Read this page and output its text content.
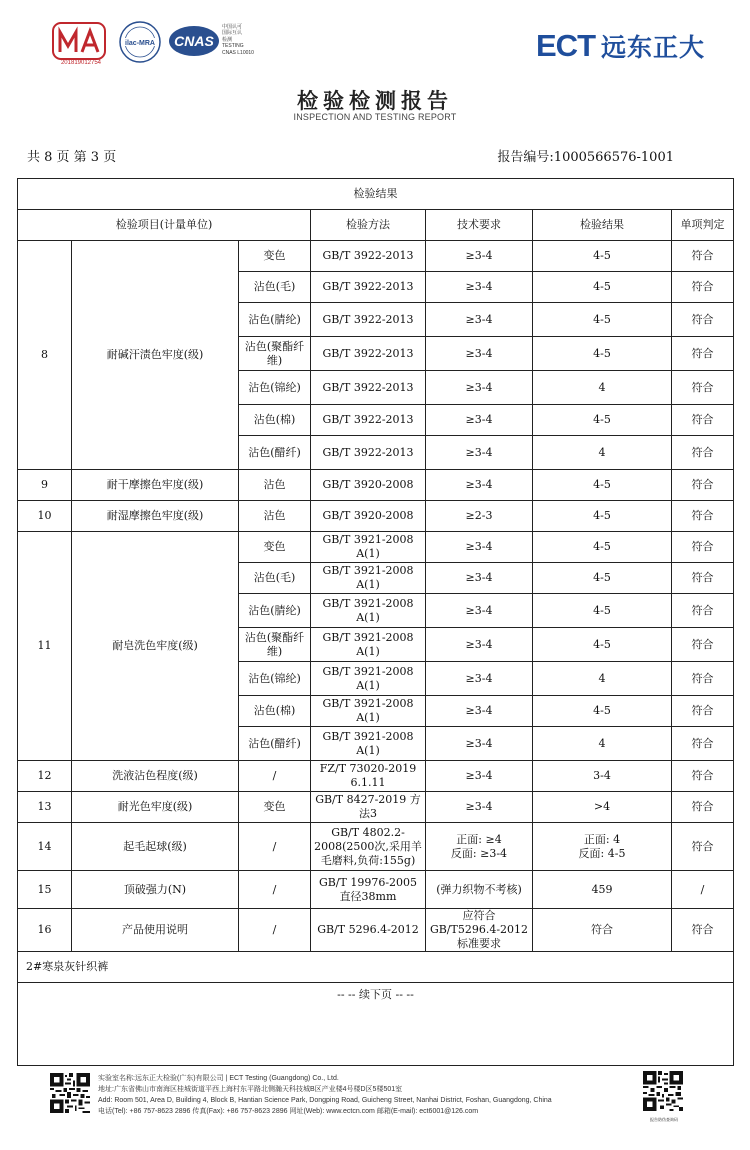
201819012754
ilac-MRA CNAS
中国认可
国际互认
检测
TESTING
CNAS L10010	ECT 远东正大
检验检测报告
INSPECTION AND TESTING REPORT
共 8 页 第 3 页	报告编号:1000566576-1001
检验结果						
检验项目(计量单位)			检验方法	技术要求	检验结果	单项判定
8	耐碱汗渍色牢度(级)	变色	GB/T 3922-2013	≥3-4	4-5	符合
		沾色(毛)	GB/T 3922-2013	≥3-4	4-5	符合
		沾色(腈纶)	GB/T 3922-2013	≥3-4	4-5	符合
		沾色(聚酯纤维)	GB/T 3922-2013	≥3-4	4-5	符合
		沾色(锦纶)	GB/T 3922-2013	≥3-4	4	符合
		沾色(棉)	GB/T 3922-2013	≥3-4	4-5	符合
		沾色(醋纤)	GB/T 3922-2013	≥3-4	4	符合
9	耐干摩擦色牢度(级)	沾色	GB/T 3920-2008	≥3-4	4-5	符合
10	耐湿摩擦色牢度(级)	沾色	GB/T 3920-2008	≥2-3	4-5	符合
11	耐皂洗色牢度(级)	变色	GB/T 3921-2008 A(1)	≥3-4	4-5	符合
		沾色(毛)	GB/T 3921-2008 A(1)	≥3-4	4-5	符合
		沾色(腈纶)	GB/T 3921-2008 A(1)	≥3-4	4-5	符合
		沾色(聚酯纤维)	GB/T 3921-2008 A(1)	≥3-4	4-5	符合
		沾色(锦纶)	GB/T 3921-2008 A(1)	≥3-4	4	符合
		沾色(棉)	GB/T 3921-2008 A(1)	≥3-4	4-5	符合
		沾色(醋纤)	GB/T 3921-2008 A(1)	≥3-4	4	符合
12	洗液沾色程度(级)	/	FZ/T 73020-2019 6.1.11	≥3-4	3-4	符合
13	耐光色牢度(级)	变色	GB/T 8427-2019 方法3	≥3-4	>4	符合
14	起毛起球(级)	/	GB/T 4802.2-2008(2500次,采用羊毛磨料,负荷:155g)	正面: ≥4
反面: ≥3-4	正面: 4
反面: 4-5	符合
15	顶破强力(N)	/	GB/T 19976-2005 直径38mm	(弹力织物不考核)	459	/
16	产品使用说明	/	GB/T 5296.4-2012	应符合GB/T5296.4-2012标准要求	符合	符合
2#寒泉灰针织裤						
-- -- 续下页 -- --						
实验室名称:远东正大检验(广东)有限公司 | ECT Testing (Guangdong) Co., Ltd.
地址:广东省佛山市南海区桂城街道平西上海村东平路北侧瀚天科技城B区产业楼4号楼D区5楼501室
Add: Room 501, Area D, Building 4, Block B, Hantian Science Park, Dongping Road, Guicheng Street, Nanhai District, Foshan, Guangdong, China
电话(Tel): +86 757-8623 2896 传真(Fax): +86 757-8623 2896 网址(Web): www.ectcn.com 邮箱(E-mail): ect6001@126.com
报告防伪查询码
